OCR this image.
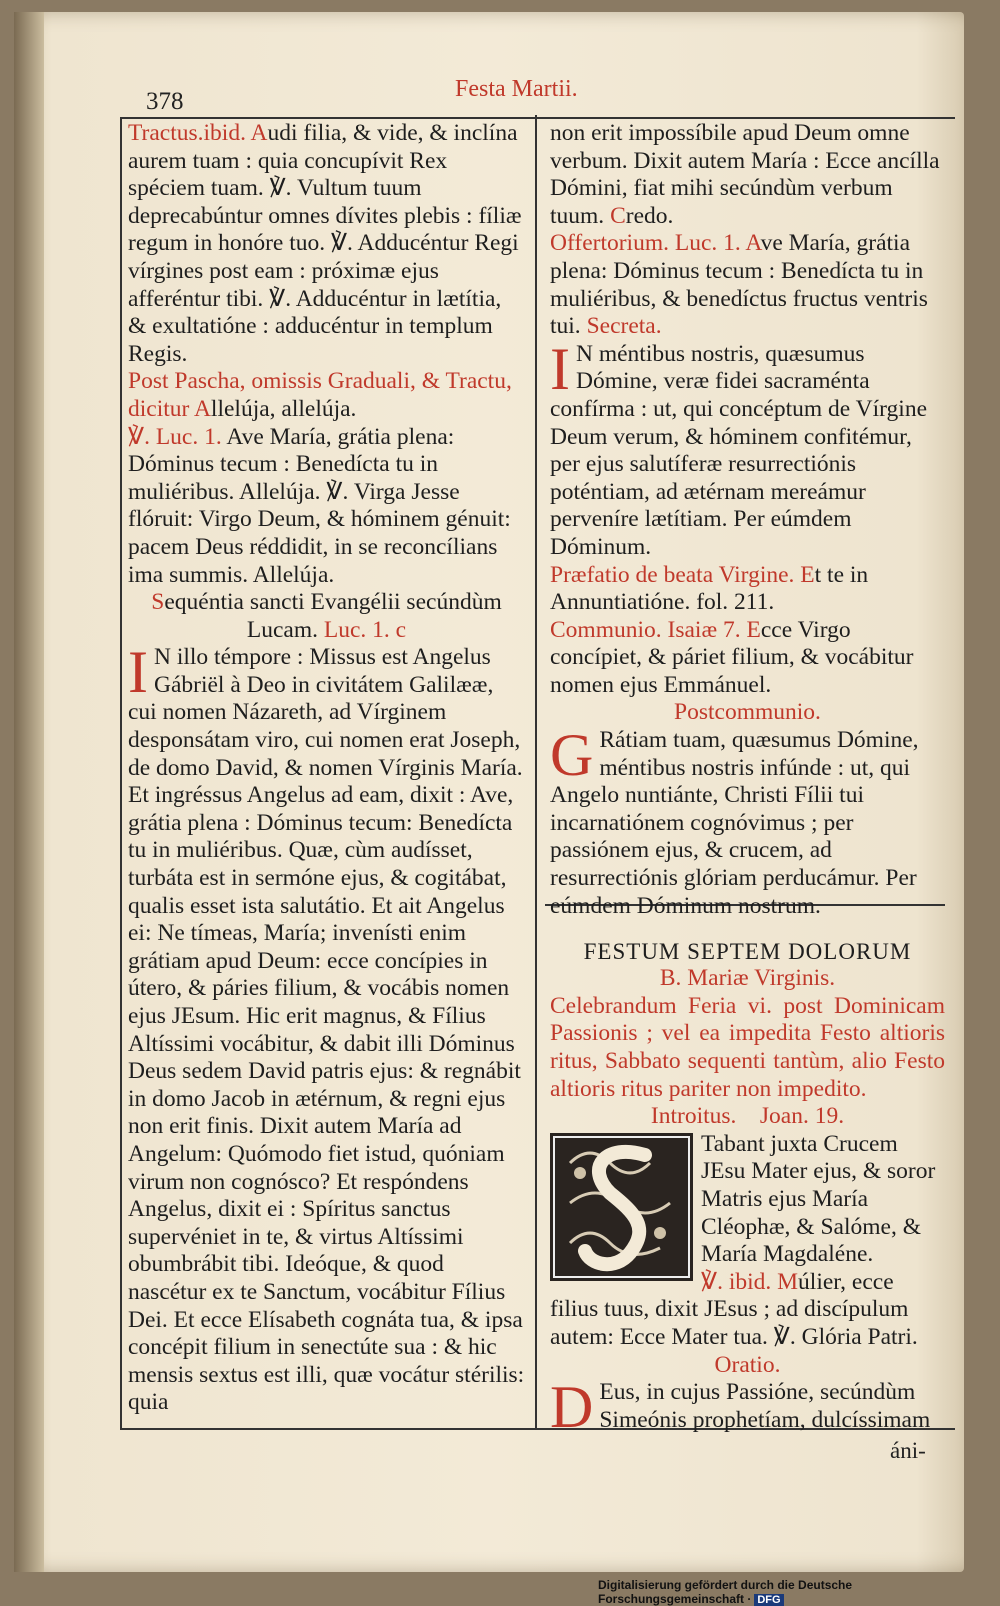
378	Festa Martii.

Tractus.ibid. Audi filia, & vide, & inclína aurem tuam : quia concupívit Rex spéciem tuam. ℣. Vultum tuum deprecabúntur omnes dívites plebis : fíliæ regum in honóre tuo. ℣. Adducéntur Regi vírgines post eam : próximæ ejus afferéntur tibi. ℣. Adducéntur in lætítia, & exultatióne : adducéntur in templum Regis.

Post Pascha, omissis Graduali, & Tractu, dicitur Allelúja, allelúja.

℣. Luc. 1. Ave María, grátia plena: Dóminus tecum : Benedícta tu in muliéribus. Allelúja. ℣. Virga Jesse flóruit: Virgo Deum, & hóminem génuit: pacem Deus réddidit, in se reconcílians ima summis. Allelúja.

Sequéntia sancti Evangélii secúndùm
Lucam. Luc. 1. c

I N illo témpore : Missus est Angelus Gábriël à Deo in civitátem Galilææ, cui nomen Názareth, ad Vírginem desponsátam viro, cui nomen erat Joseph, de domo David, & nomen Vírginis María. Et ingréssus Angelus ad eam, dixit : Ave, grátia plena : Dóminus tecum: Benedícta tu in muliéribus. Quæ, cùm audísset, turbáta est in sermóne ejus, & cogitábat, qualis esset ista salutátio. Et ait Angelus ei: Ne tímeas, María; invenísti enim grátiam apud Deum: ecce concípies in útero, & páries filium, & vocábis nomen ejus JEsum. Hic erit magnus, & Fílius Altíssimi vocábitur, & dabit illi Dóminus Deus sedem David patris ejus: & regnábit in domo Jacob in ætérnum, & regni ejus non erit finis. Dixit autem María ad Angelum: Quómodo fiet istud, quóniam virum non cognósco? Et respóndens Angelus, dixit ei : Spíritus sanctus supervéniet in te, & virtus Altíssimi obumbrábit tibi. Ideóque, & quod nascétur ex te Sanctum, vocábitur Fílius Dei. Et ecce Elísabeth cognáta tua, & ipsa concépit filium in senectúte sua : & hic mensis sextus est illi, quæ vocátur stérilis: quia

non erit impossíbile apud Deum omne verbum. Dixit autem María : Ecce ancílla Dómini, fiat mihi secúndùm verbum tuum. Credo.

Offertorium. Luc. 1. Ave María, grátia plena: Dóminus tecum : Benedícta tu in muliéribus, & benedíctus fructus ventris tui. Secreta.

I N méntibus nostris, quæsumus Dómine, veræ fidei sacraménta confírma : ut, qui concéptum de Vírgine Deum verum, & hóminem confitémur, per ejus salutíferæ resurrectiónis poténtiam, ad ætérnam mereámur perveníre lætítiam. Per eúmdem Dóminum.

Præfatio de beata Virgine. Et te in Annuntiatióne. fol. 211.

Communio. Isaiæ 7. Ecce Virgo concípiet, & páriet filium, & vocábitur nomen ejus Emmánuel.

Postcommunio.

G Rátiam tuam, quæsumus Dómine, méntibus nostris infúnde : ut, qui Angelo nuntiánte, Christi Fílii tui incarnatiónem cognóvimus ; per passiónem ejus, & crucem, ad resurrectiónis glóriam perducámur. Per eúmdem Dóminum nostrum.

FESTUM SEPTEM DOLORUM

B. Mariæ Virginis.

Celebrandum Feria vi. post Dominicam Passionis ; vel ea impedita Festo altioris ritus, Sabbato sequenti tantùm, alio Festo altioris ritus pariter non impedito.

Introitus. Joan. 19.

Tabant juxta Crucem JEsu Mater ejus, & soror Matris ejus María Cléophæ, & Salóme, & María Magdaléne.

℣. ibid. Múlier, ecce filius tuus, dixit JEsus ; ad discípulum autem: Ecce Mater tua. ℣. Glória Patri.

Oratio.

D Eus, in cujus Passióne, secúndùm Simeónis prophetíam, dulcíssimam

áni-
Digitalisierung gefördert durch die Deutsche Forschungsgemeinschaft · DFG
